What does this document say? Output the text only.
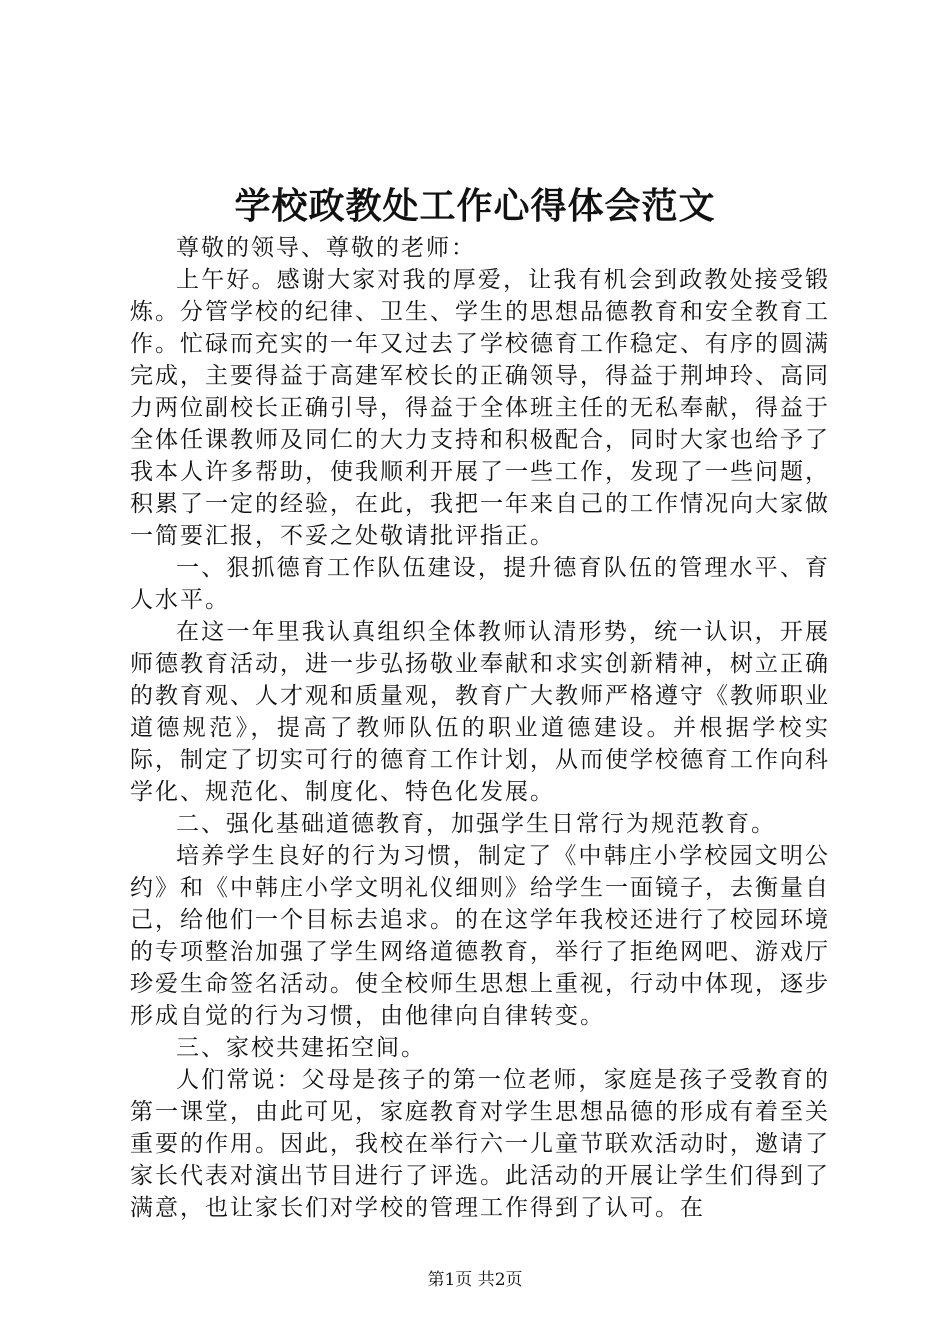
学校政教处工作心得体会范文

尊敬的领导、尊敬的老师：

上午好。感谢大家对我的厚爱，让我有机会到政教处接受锻炼。分管学校的纪律、卫生、学生的思想品德教育和安全教育工作。忙碌而充实的一年又过去了学校德育工作稳定、有序的圆满完成，主要得益于高建军校长的正确领导，得益于荆坤玲、高同力两位副校长正确引导，得益于全体班主任的无私奉献，得益于全体任课教师及同仁的大力支持和积极配合，同时大家也给予了我本人许多帮助，使我顺利开展了一些工作，发现了一些问题，积累了一定的经验，在此，我把一年来自己的工作情况向大家做一简要汇报，不妥之处敬请批评指正。

一、狠抓德育工作队伍建设，提升德育队伍的管理水平、育人水平。

在这一年里我认真组织全体教师认清形势，统一认识，开展师德教育活动，进一步弘扬敬业奉献和求实创新精神，树立正确的教育观、人才观和质量观，教育广大教师严格遵守《教师职业道德规范》，提高了教师队伍的职业道德建设。并根据学校实际，制定了切实可行的德育工作计划，从而使学校德育工作向科学化、规范化、制度化、特色化发展。

二、强化基础道德教育，加强学生日常行为规范教育。

培养学生良好的行为习惯，制定了《中韩庄小学校园文明公约》和《中韩庄小学文明礼仪细则》给学生一面镜子，去衡量自己，给他们一个目标去追求。的在这学年我校还进行了校园环境的专项整治加强了学生网络道德教育，举行了拒绝网吧、游戏厅珍爱生命签名活动。使全校师生思想上重视，行动中体现，逐步形成自觉的行为习惯，由他律向自律转变。

三、家校共建拓空间。

人们常说：父母是孩子的第一位老师，家庭是孩子受教育的第一课堂，由此可见，家庭教育对学生思想品德的形成有着至关重要的作用。因此，我校在举行六一儿童节联欢活动时，邀请了家长代表对演出节目进行了评选。此活动的开展让学生们得到了满意，也让家长们对学校的管理工作得到了认可。在

第1页 共2页
